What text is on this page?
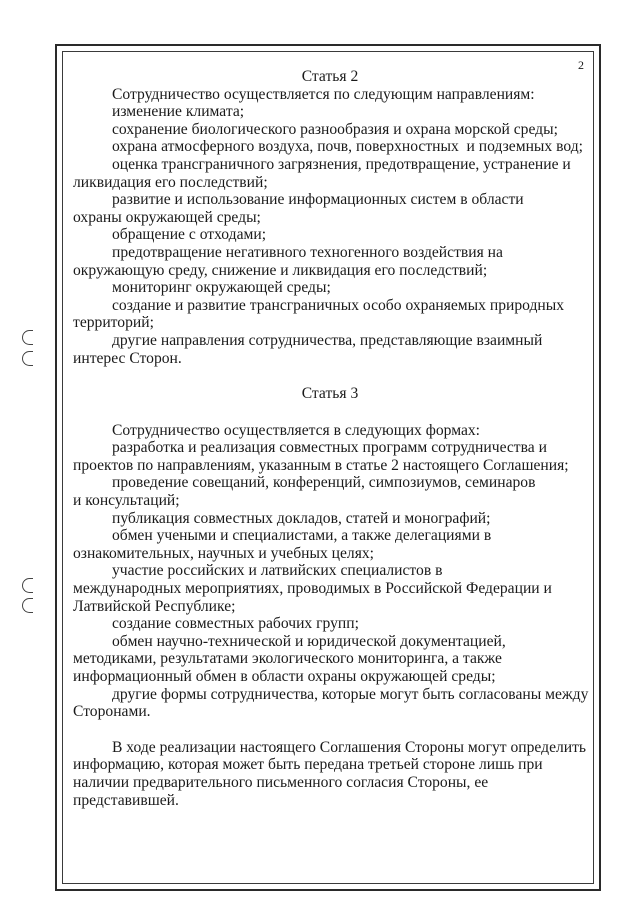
2
Статья 2
Сотрудничество осуществляется по следующим направлениям:
изменение климата;
сохранение биологического разнообразия и охрана морской среды;
охрана атмосферного воздуха, почв, поверхностных  и подземных вод;
оценка трансграничного загрязнения, предотвращение, устранение и
ликвидация его последствий;
развитие и использование информационных систем в области
охраны окружающей среды;
обращение с отходами;
предотвращение негативного техногенного воздействия на
окружающую среду, снижение и ликвидация его последствий;
мониторинг окружающей среды;
создание и развитие трансграничных особо охраняемых природных
территорий;
другие направления сотрудничества, представляющие взаимный
интерес Сторон.
Статья 3
Сотрудничество осуществляется в следующих формах:
разработка и реализация совместных программ сотрудничества и
проектов по направлениям, указанным в статье 2 настоящего Соглашения;
проведение совещаний, конференций, симпозиумов, семинаров
и консультаций;
публикация совместных докладов, статей и монографий;
обмен учеными и специалистами, а также делегациями в
ознакомительных, научных и учебных целях;
участие российских и латвийских специалистов в
международных мероприятиях, проводимых в Российской Федерации и
Латвийской Республике;
создание совместных рабочих групп;
обмен научно-технической и юридической документацией,
методиками, результатами экологического мониторинга, а также
информационный обмен в области охраны окружающей среды;
другие формы сотрудничества, которые могут быть согласованы между
Сторонами.
В ходе реализации настоящего Соглашения Стороны могут определить
информацию, которая может быть передана третьей стороне лишь при
наличии предварительного письменного согласия Стороны, ее
представившей.
